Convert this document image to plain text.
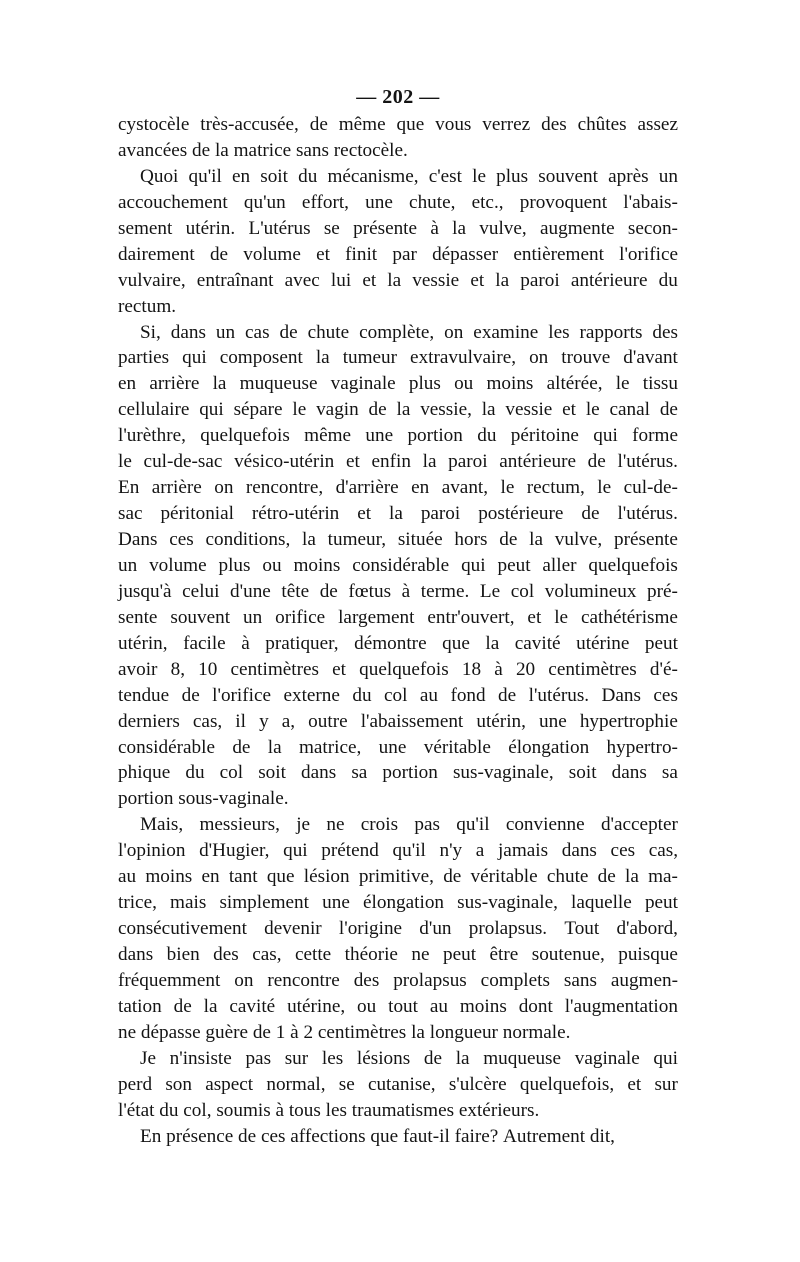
— 202 —
cystocèle très-accusée, de même que vous verrez des chûtes assez
avancées de la matrice sans rectocèle.
Quoi qu'il en soit du mécanisme, c'est le plus souvent après un
accouchement qu'un effort, une chute, etc., provoquent l'abais-
sement utérin. L'utérus se présente à la vulve, augmente secon-
dairement de volume et finit par dépasser entièrement l'orifice
vulvaire, entraînant avec lui et la vessie et la paroi antérieure du
rectum.
Si, dans un cas de chute complète, on examine les rapports des
parties qui composent la tumeur extravulvaire, on trouve d'avant
en arrière la muqueuse vaginale plus ou moins altérée, le tissu
cellulaire qui sépare le vagin de la vessie, la vessie et le canal de
l'urèthre, quelquefois même une portion du péritoine qui forme
le cul-de-sac vésico-utérin et enfin la paroi antérieure de l'utérus.
En arrière on rencontre, d'arrière en avant, le rectum, le cul-de-
sac péritonial rétro-utérin et la paroi postérieure de l'utérus.
Dans ces conditions, la tumeur, située hors de la vulve, présente
un volume plus ou moins considérable qui peut aller quelquefois
jusqu'à celui d'une tête de fœtus à terme. Le col volumineux pré-
sente souvent un orifice largement entr'ouvert, et le cathétérisme
utérin, facile à pratiquer, démontre que la cavité utérine peut
avoir 8, 10 centimètres et quelquefois 18 à 20 centimètres d'é-
tendue de l'orifice externe du col au fond de l'utérus. Dans ces
derniers cas, il y a, outre l'abaissement utérin, une hypertrophie
considérable de la matrice, une véritable élongation hypertro-
phique du col soit dans sa portion sus-vaginale, soit dans sa
portion sous-vaginale.
Mais, messieurs, je ne crois pas qu'il convienne d'accepter
l'opinion d'Hugier, qui prétend qu'il n'y a jamais dans ces cas,
au moins en tant que lésion primitive, de véritable chute de la ma-
trice, mais simplement une élongation sus-vaginale, laquelle peut
consécutivement devenir l'origine d'un prolapsus. Tout d'abord,
dans bien des cas, cette théorie ne peut être soutenue, puisque
fréquemment on rencontre des prolapsus complets sans augmen-
tation de la cavité utérine, ou tout au moins dont l'augmentation
ne dépasse guère de 1 à 2 centimètres la longueur normale.
Je n'insiste pas sur les lésions de la muqueuse vaginale qui
perd son aspect normal, se cutanise, s'ulcère quelquefois, et sur
l'état du col, soumis à tous les traumatismes extérieurs.
En présence de ces affections que faut-il faire? Autrement dit,
